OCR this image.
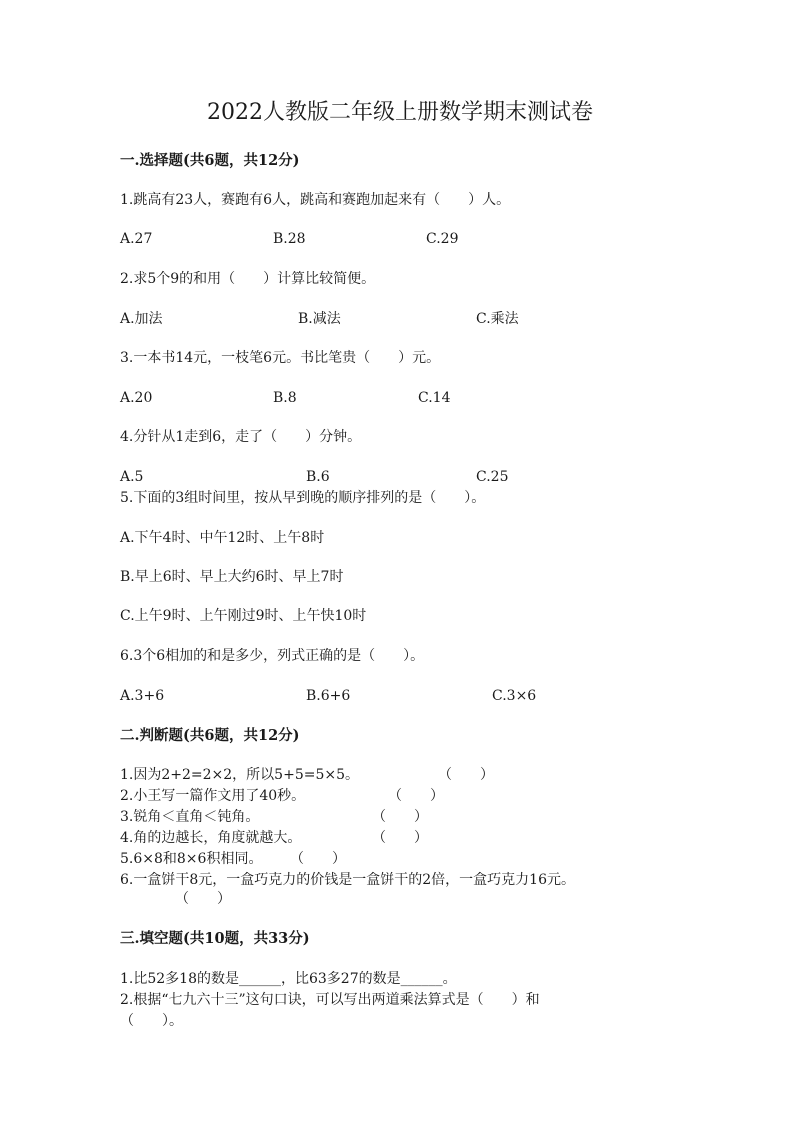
2022人教版二年级上册数学期末测试卷
一.选择题(共6题，共12分)
1.跳高有23人，赛跑有6人，跳高和赛跑加起来有（　　）人。
A.27	B.28	C.29
2.求5个9的和用（　　）计算比较简便。
A.加法	B.减法	C.乘法
3.一本书14元，一枝笔6元。书比笔贵（　　）元。
A.20	B.8	C.14
4.分针从1走到6，走了（　　）分钟。
A.5	B.6	C.25
5.下面的3组时间里，按从早到晚的顺序排列的是（　　）。
A.下午4时、中午12时、上午8时
B.早上6时、早上大约6时、早上7时
C.上午9时、上午刚过9时、上午快10时
6.3个6相加的和是多少，列式正确的是（　　）。
A.3+6	B.6+6	C.3×6
二.判断题(共6题，共12分)
1.因为2+2=2×2，所以5+5=5×5。	（　　）
2.小王写一篇作文用了40秒。	（　　）
3.锐角＜直角＜钝角。	（　　）
4.角的边越长，角度就越大。	（　　）
5.6×8和8×6积相同。 （　　）
6.一盒饼干8元，一盒巧克力的价钱是一盒饼干的2倍，一盒巧克力16元。
（　　）
三.填空题(共10题，共33分)
1.比52多18的数是______，比63多27的数是______。
2.根据“七九六十三”这句口诀，可以写出两道乘法算式是（　　）和
（　　）。
